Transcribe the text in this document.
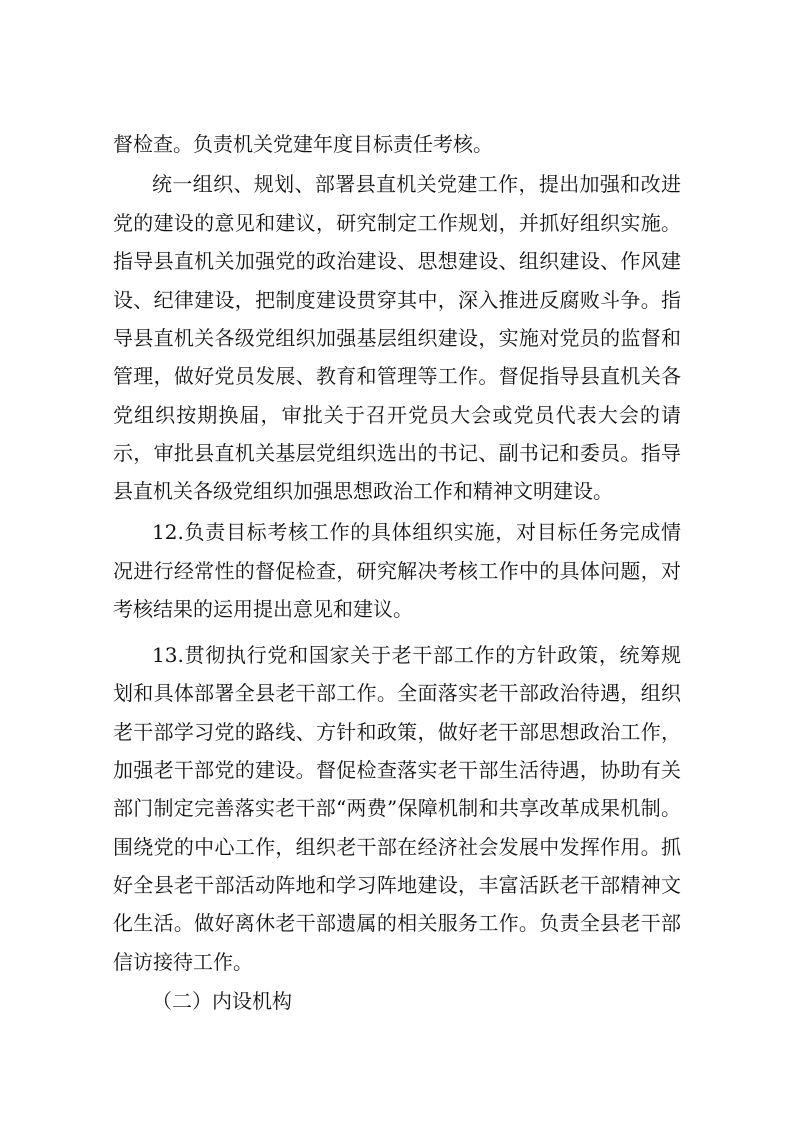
督检查。负责机关党建年度目标责任考核。

统一组织、规划、部署县直机关党建工作，提出加强和改进

党的建设的意见和建议，研究制定工作规划，并抓好组织实施。

指导县直机关加强党的政治建设、思想建设、组织建设、作风建

设、纪律建设，把制度建设贯穿其中，深入推进反腐败斗争。指

导县直机关各级党组织加强基层组织建设，实施对党员的监督和

管理，做好党员发展、教育和管理等工作。督促指导县直机关各

党组织按期换届，审批关于召开党员大会或党员代表大会的请

示，审批县直机关基层党组织选出的书记、副书记和委员。指导

县直机关各级党组织加强思想政治工作和精神文明建设。

12.负责目标考核工作的具体组织实施，对目标任务完成情

况进行经常性的督促检查，研究解决考核工作中的具体问题，对

考核结果的运用提出意见和建议。

13.贯彻执行党和国家关于老干部工作的方针政策，统筹规

划和具体部署全县老干部工作。全面落实老干部政治待遇，组织

老干部学习党的路线、方针和政策，做好老干部思想政治工作，

加强老干部党的建设。督促检查落实老干部生活待遇，协助有关

部门制定完善落实老干部“两费”保障机制和共享改革成果机制。

围绕党的中心工作，组织老干部在经济社会发展中发挥作用。抓

好全县老干部活动阵地和学习阵地建设，丰富活跃老干部精神文

化生活。做好离休老干部遗属的相关服务工作。负责全县老干部

信访接待工作。

（二）内设机构
